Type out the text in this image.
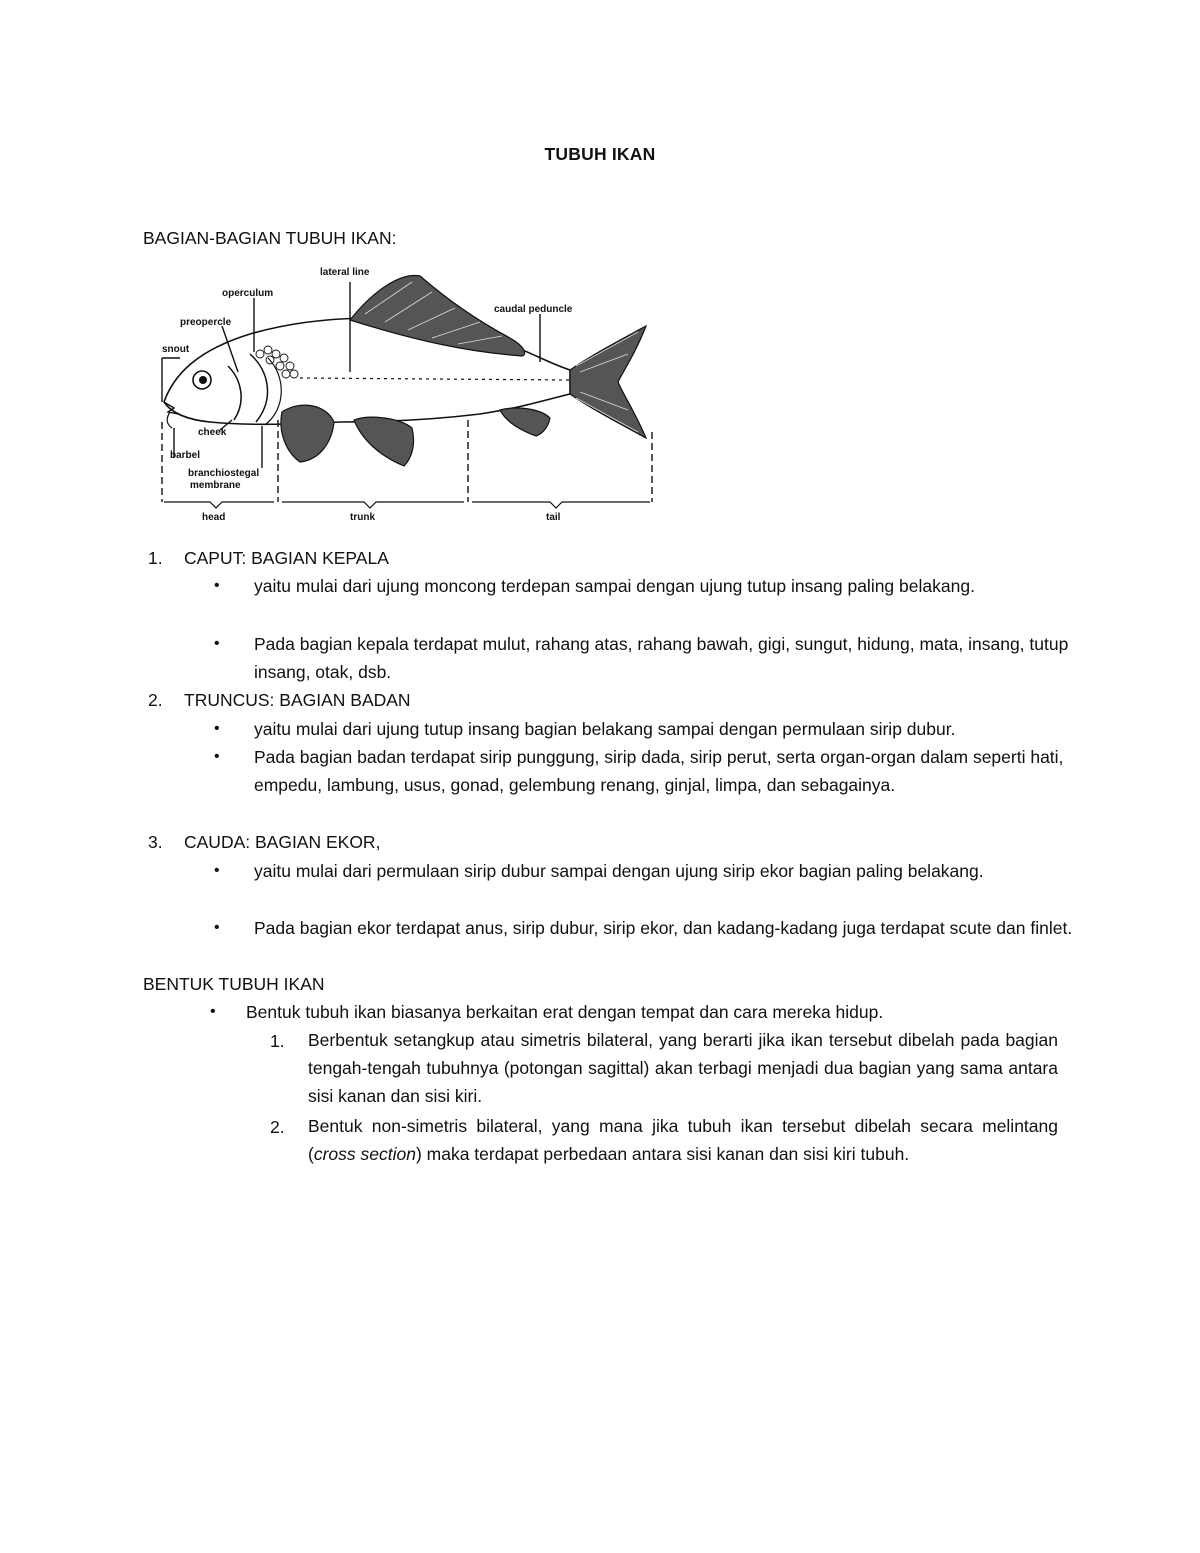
TUBUH IKAN
BAGIAN-BAGIAN TUBUH IKAN:
lateral line
operculum
preopercle
snout
caudal peduncle
cheek
barbel
branchiostegal
membrane
head	trunk	tail
1. CAPUT: BAGIAN KEPALA
• yaitu mulai dari ujung moncong terdepan sampai dengan ujung tutup insang paling belakang.
• Pada bagian kepala terdapat mulut, rahang atas, rahang bawah, gigi, sungut, hidung, mata, insang, tutup insang, otak, dsb.
2. TRUNCUS: BAGIAN BADAN
• yaitu mulai dari ujung tutup insang bagian belakang sampai dengan permulaan sirip dubur.
• Pada bagian badan terdapat sirip punggung, sirip dada, sirip perut, serta organ-organ dalam seperti hati, empedu, lambung, usus, gonad, gelembung renang, ginjal, limpa, dan sebagainya.
3. CAUDA: BAGIAN EKOR,
• yaitu mulai dari permulaan sirip dubur sampai dengan ujung sirip ekor bagian paling belakang.
• Pada bagian ekor terdapat anus, sirip dubur, sirip ekor, dan kadang-kadang juga terdapat scute dan finlet.
BENTUK TUBUH IKAN
• Bentuk tubuh ikan biasanya berkaitan erat dengan tempat dan cara mereka hidup.
1. Berbentuk setangkup atau simetris bilateral, yang berarti jika ikan tersebut dibelah pada bagian tengah-tengah tubuhnya (potongan sagittal) akan terbagi menjadi dua bagian yang sama antara sisi kanan dan sisi kiri.
2. Bentuk non-simetris bilateral, yang mana jika tubuh ikan tersebut dibelah secara melintang (cross section) maka terdapat perbedaan antara sisi kanan dan sisi kiri tubuh.
